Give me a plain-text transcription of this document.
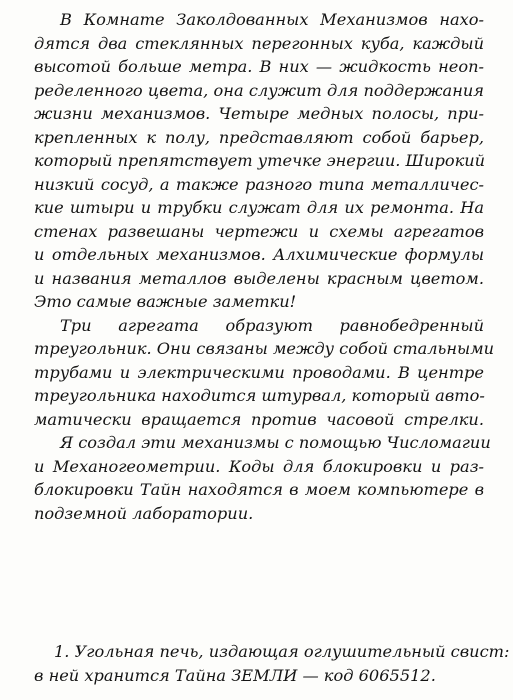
В Комнате Заколдованных Механизмов нахо-
дятся два стеклянных перегонных куба, каждый
высотой больше метра. В них — жидкость неоп-
ределенного цвета, она служит для поддержания
жизни механизмов. Четыре медных полосы, при-
крепленных к полу, представляют собой барьер,
который препятствует утечке энергии. Широкий
низкий сосуд, а также разного типа металличес-
кие штыри и трубки служат для их ремонта. На
стенах развешаны чертежи и схемы агрегатов
и отдельных механизмов. Алхимические формулы
и названия металлов выделены красным цветом.
Это самые важные заметки!
Три агрегата образуют равнобедренный
треугольник. Они связаны между собой стальными
трубами и электрическими проводами. В центре
треугольника находится штурвал, который авто-
матически вращается против часовой стрелки.
Я создал эти механизмы с помощью Числомагии
и Механогеометрии. Коды для блокировки и раз-
блокировки Тайн находятся в моем компьютере в
подземной лаборатории.
1. Угольная печь, издающая оглушительный свист:
в ней хранится Тайна ЗЕМЛИ — код 6065512.
